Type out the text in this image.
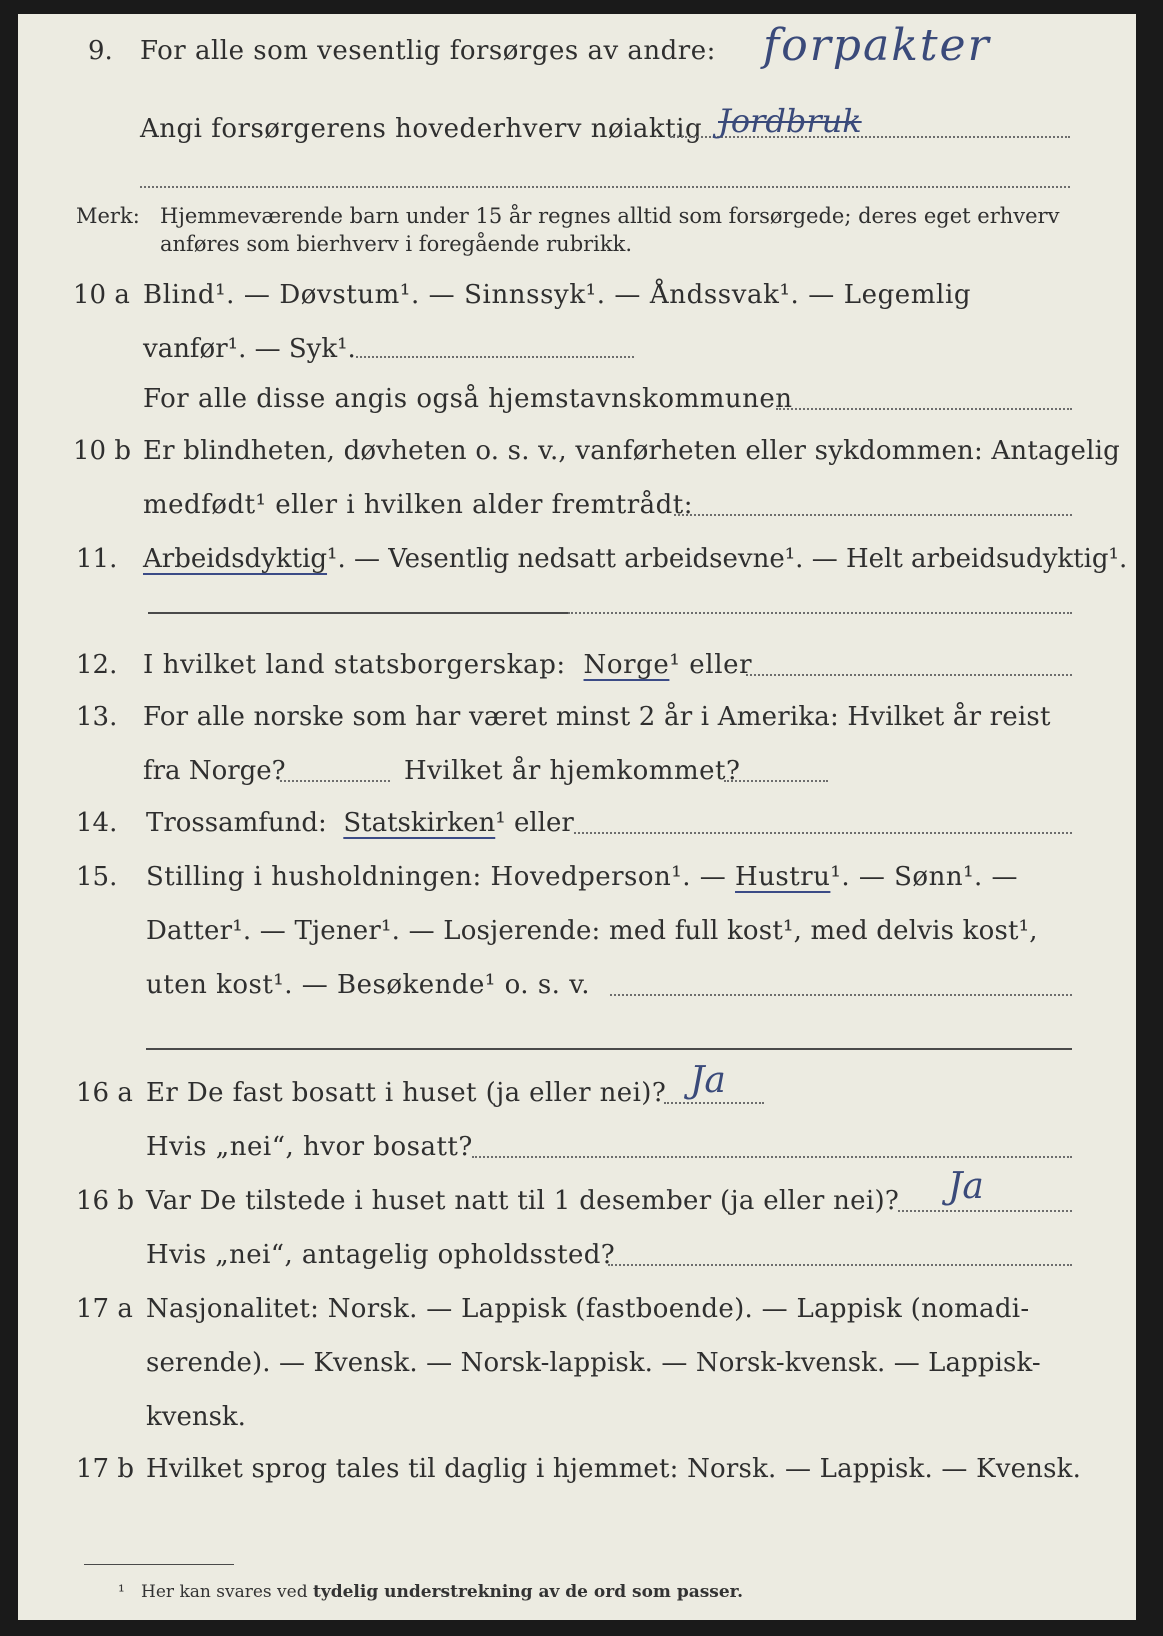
9. For alle som vesentlig forsørges av andre: forpakter
Angi forsørgerens hovederhverv nøiaktig Jordbruk
Merk: Hjemmeværende barn under 15 år regnes alltid som forsørgede; deres eget erhverv
anføres som bierhverv i foregående rubrikk.
10 a Blind¹. — Døvstum¹. — Sinnssyk¹. — Åndssvak¹. — Legemlig
vanfør¹. — Syk¹.
For alle disse angis også hjemstavnskommunen
10 b Er blindheten, døvheten o. s. v., vanførheten eller sykdommen: Antagelig
medfødt¹ eller i hvilken alder fremtrådt:
11. Arbeidsdyktig¹. — Vesentlig nedsatt arbeidsevne¹. — Helt arbeidsudyktig¹.
12. I hvilket land statsborgerskap: Norge¹ eller
13. For alle norske som har været minst 2 år i Amerika: Hvilket år reist
fra Norge?	Hvilket år hjemkommet?
14. Trossamfund: Statskirken¹ eller
15. Stilling i husholdningen: Hovedperson¹. — Hustru¹. — Sønn¹. —
Datter¹. — Tjener¹. — Losjerende: med full kost¹, med delvis kost¹,
uten kost¹. — Besøkende¹ o. s. v.
16 a Er De fast bosatt i huset (ja eller nei)? Ja
Hvis „nei“, hvor bosatt?
16 b Var De tilstede i huset natt til 1 desember (ja eller nei)? Ja
Hvis „nei“, antagelig opholdssted?
17 a Nasjonalitet: Norsk. — Lappisk (fastboende). — Lappisk (nomadi-
serende). — Kvensk. — Norsk-lappisk. — Norsk-kvensk. — Lappisk-
kvensk.
17 b Hvilket sprog tales til daglig i hjemmet: Norsk. — Lappisk. — Kvensk.
¹ Her kan svares ved tydelig understrekning av de ord som passer.
